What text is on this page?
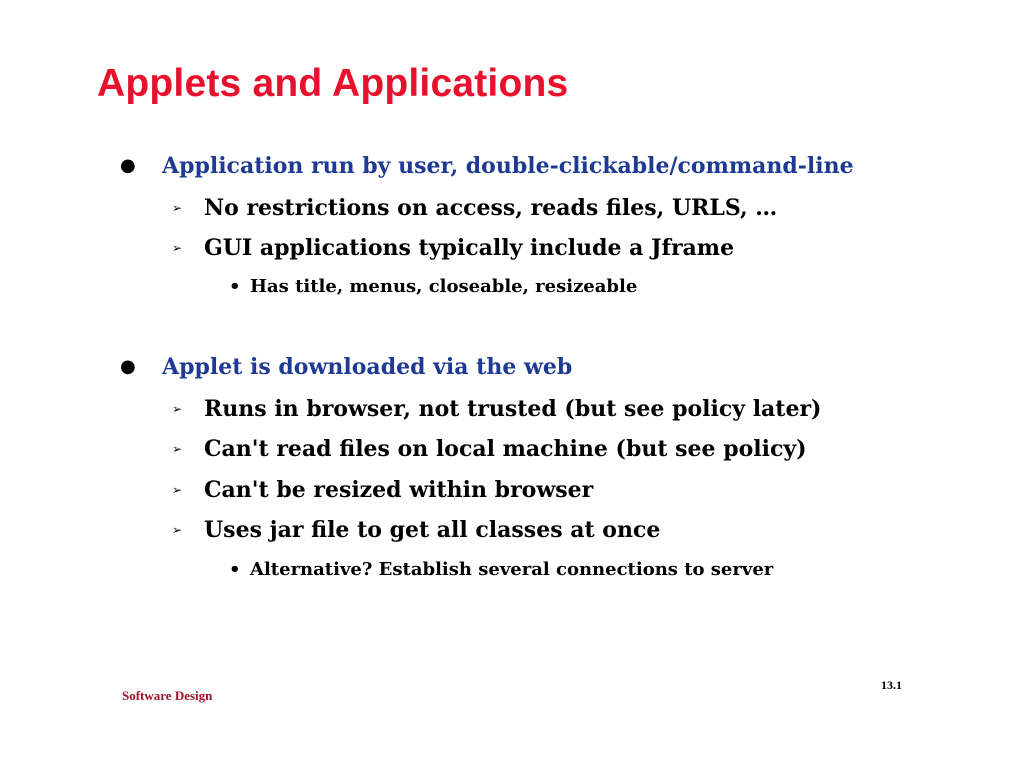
Applets and Applications
● Application run by user, double-clickable/command-line
➢ No restrictions on access, reads files, URLS, …
➢ GUI applications typically include a Jframe
• Has title, menus, closeable, resizeable
● Applet is downloaded via the web
➢ Runs in browser, not trusted (but see policy later)
➢ Can't read files on local machine (but see policy)
➢ Can't be resized within browser
➢ Uses jar file to get all classes at once
• Alternative? Establish several connections to server
Software Design
13.1
